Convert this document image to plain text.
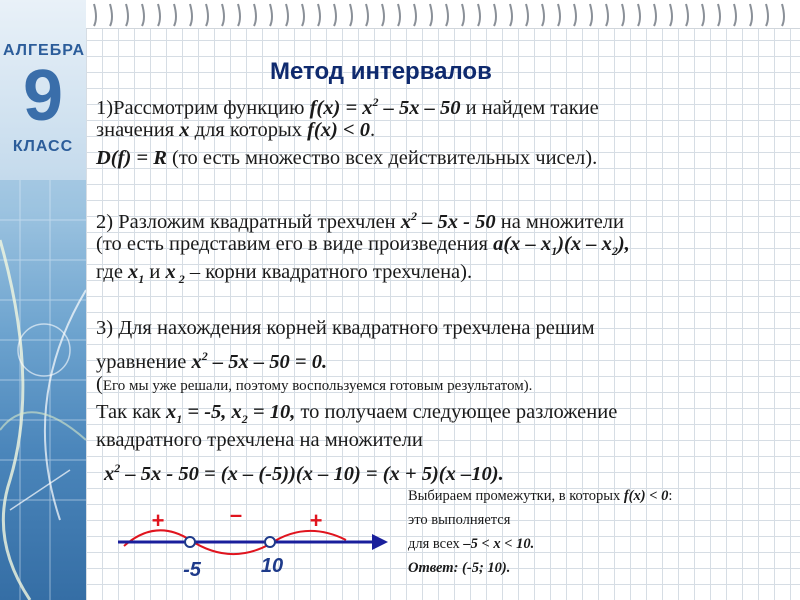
АЛГЕБРА
9
КЛАСС
Метод интервалов
1)Рассмотрим функцию $f(x) = x^2 - 5x - 50$ и найдем такие
значения x для которых f(x) < 0.
D(f) = R (то есть множество всех действительных чисел).
2) Разложим квадратный трехчлен $x^2 - 5x - 50$ на множители
(то есть представим его в виде произведения $a(x - x_1)(x - x_2)$,
где $x_1$ и x $_2$ – корни квадратного трехчлена).
3) Для нахождения корней квадратного трехчлена решим
уравнение $x^2 - 5x - 50 = 0$.
(Его мы уже решали, поэтому воспользуемся готовым результатом).
Так как $x_1 = -5$, $x_2 = 10$, то получаем следующее разложение
квадратного трехчлена на множители
$x^2 - 5x - 50 = (x - (-5))(x - 10) = (x + 5)(x$ –10).
+	–	+
-5	10
Выбираем промежутки, в которых f(x) < 0:
это выполняется
для всех –5 < x < 10.
Ответ: (-5; 10).
